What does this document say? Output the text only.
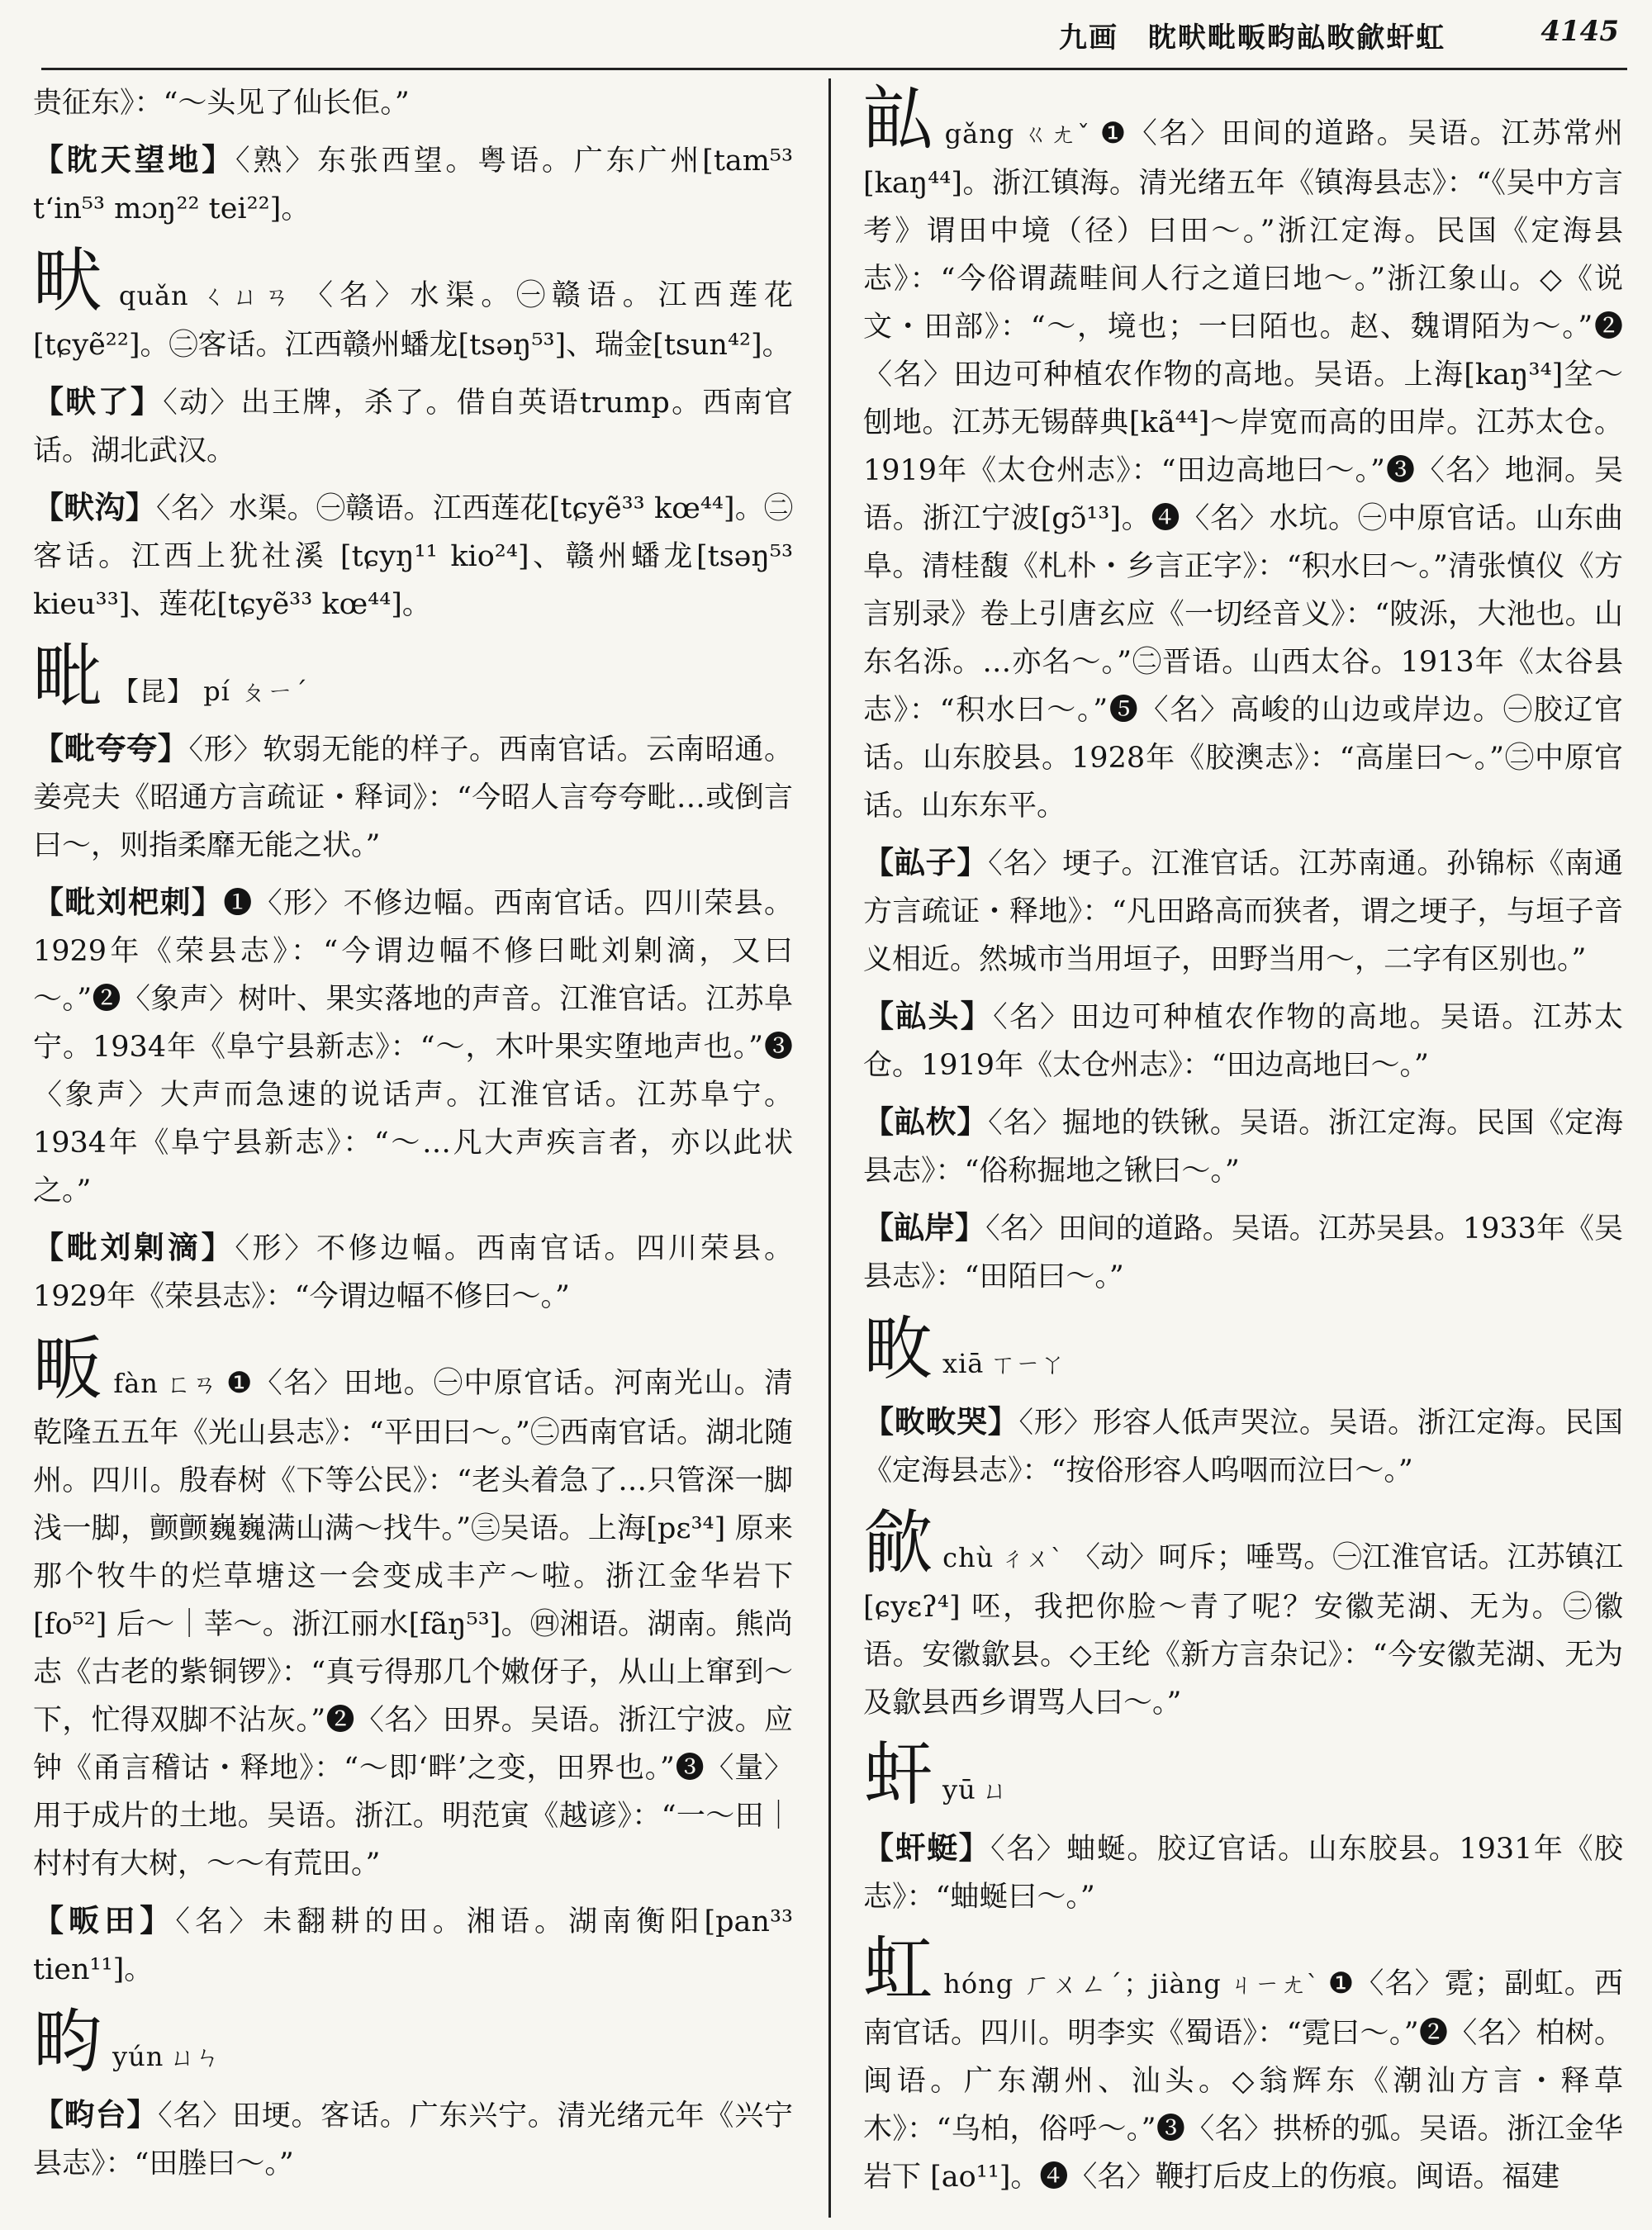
九画　眈畎毗畈畇畆畋歈虷虹	4145
贵征东》：“～头见了仙长佢。”
【眈天望地】〈熟〉东张西望。粤语。广东广州[tam⁵³ tʻin⁵³ mɔŋ²² tei²²]。
畎quǎn ㄑㄩㄢ 〈名〉水渠。㊀赣语。江西莲花[tɕyẽ²²]。㊁客话。江西赣州蟠龙[tsəŋ⁵³]、瑞金[tsun⁴²]。
【畎了】〈动〉出王牌，杀了。借自英语trump。西南官话。湖北武汉。
【畎沟】〈名〉水渠。㊀赣语。江西莲花[tɕyẽ³³ kœ⁴⁴]。㊁客话。江西上犹社溪 [tɕyŋ¹¹ kio²⁴]、赣州蟠龙[tsəŋ⁵³ kieu³³]、莲花[tɕyẽ³³ kœ⁴⁴]。
毗 【昆】 pí ㄆㄧˊ
【毗夸夸】〈形〉软弱无能的样子。西南官话。云南昭通。姜亮夫《昭通方言疏证・释词》：“今昭人言夸夸毗…或倒言曰～，则指柔靡无能之状。”
【毗刘杷刺】❶〈形〉不修边幅。西南官话。四川荣县。1929年《荣县志》：“今谓边幅不修曰毗刘㓷滴，又曰～。”❷〈象声〉树叶、果实落地的声音。江淮官话。江苏阜宁。1934年《阜宁县新志》：“～，木叶果实堕地声也。”❸〈象声〉大声而急速的说话声。江淮官话。江苏阜宁。1934年《阜宁县新志》：“～…凡大声疾言者，亦以此状之。”
【毗刘㓷滴】〈形〉不修边幅。西南官话。四川荣县。1929年《荣县志》：“今谓边幅不修曰～。”
畈fàn ㄈㄢ ❶〈名〉田地。㊀中原官话。河南光山。清乾隆五五年《光山县志》：“平田曰～。”㊁西南官话。湖北随州。四川。殷春树《下等公民》：“老头着急了…只管深一脚浅一脚，颤颤巍巍满山满～找牛。”㊂吴语。上海[pɛ³⁴] 原来那个牧牛的烂草塘这一会变成丰产～啦。浙江金华岩下 [fo⁵²] 后～｜莘～。浙江丽水[fãŋ⁵³]。㊃湘语。湖南。熊尚志《古老的紫铜锣》：“真亏得那几个嫩伢子，从山上窜到～下，忙得双脚不沾灰。”❷〈名〉田界。吴语。浙江宁波。应钟《甬言稽诂・释地》：“～即‘畔’之变，田界也。”❸〈量〉用于成片的土地。吴语。浙江。明范寅《越谚》：“一～田｜村村有大树，～～有荒田。”
【畈田】〈名〉未翻耕的田。湘语。湖南衡阳[pan³³ tien¹¹]。
畇yún ㄩㄣ
【畇台】〈名〉田埂。客话。广东兴宁。清光绪元年《兴宁县志》：“田塍曰～。”
畆gǎng ㄍㄤˇ ❶〈名〉田间的道路。吴语。江苏常州[kaŋ⁴⁴]。浙江镇海。清光绪五年《镇海县志》：“《吴中方言考》谓田中境（径）曰田～。”浙江定海。民国《定海县志》：“今俗谓蔬畦间人行之道曰地～。”浙江象山。◇《说文・田部》：“～，境也；一曰陌也。赵、魏谓陌为～。”❷〈名〉田边可种植农作物的高地。吴语。上海[kaŋ³⁴]坌～刨地。江苏无锡薛典[kã⁴⁴]～岸宽而高的田岸。江苏太仓。1919年《太仓州志》：“田边高地曰～。”❸〈名〉地洞。吴语。浙江宁波[gɔ̃¹³]。❹〈名〉水坑。㊀中原官话。山东曲阜。清桂馥《札朴・乡言正字》：“积水曰～。”清张慎仪《方言别录》卷上引唐玄应《一切经音义》：“陂泺，大池也。山东名泺。…亦名～。”㊁晋语。山西太谷。1913年《太谷县志》：“积水曰～。”❺〈名〉高峻的山边或岸边。㊀胶辽官话。山东胶县。1928年《胶澳志》：“高崖曰～。”㊁中原官话。山东东平。
【畆子】〈名〉埂子。江淮官话。江苏南通。孙锦标《南通方言疏证・释地》：“凡田路高而狭者，谓之埂子，与垣子音义相近。然城市当用垣子，田野当用～，二字有区别也。”
【畆头】〈名〉田边可种植农作物的高地。吴语。江苏太仓。1919年《太仓州志》：“田边高地曰～。”
【畆杴】〈名〉掘地的铁锹。吴语。浙江定海。民国《定海县志》：“俗称掘地之锹曰～。”
【畆岸】〈名〉田间的道路。吴语。江苏吴县。1933年《吴县志》：“田陌曰～。”
畋xiā ㄒㄧㄚ
【畋畋哭】〈形〉形容人低声哭泣。吴语。浙江定海。民国《定海县志》：“按俗形容人呜咽而泣曰～。”
歈chù ㄔㄨˋ 〈动〉呵斥；唾骂。㊀江淮官话。江苏镇江[ɕyɛʔ⁴] 呸，我把你脸～青了呢？安徽芜湖、无为。㊁徽语。安徽歙县。◇王纶《新方言杂记》：“今安徽芜湖、无为及歙县西乡谓骂人曰～。”
虷yū ㄩ
【虷蜓】〈名〉蚰蜒。胶辽官话。山东胶县。1931年《胶志》：“蚰蜒曰～。”
虹hóng ㄏㄨㄥˊ；jiàng ㄐㄧㄤˋ ❶〈名〉霓；副虹。西南官话。四川。明李实《蜀语》：“霓曰～。”❷〈名〉柏树。闽语。广东潮州、汕头。◇翁辉东《潮汕方言・释草木》：“乌柏，俗呼～。”❸〈名〉拱桥的弧。吴语。浙江金华岩下 [ao¹¹]。❹〈名〉鞭打后皮上的伤痕。闽语。福建
